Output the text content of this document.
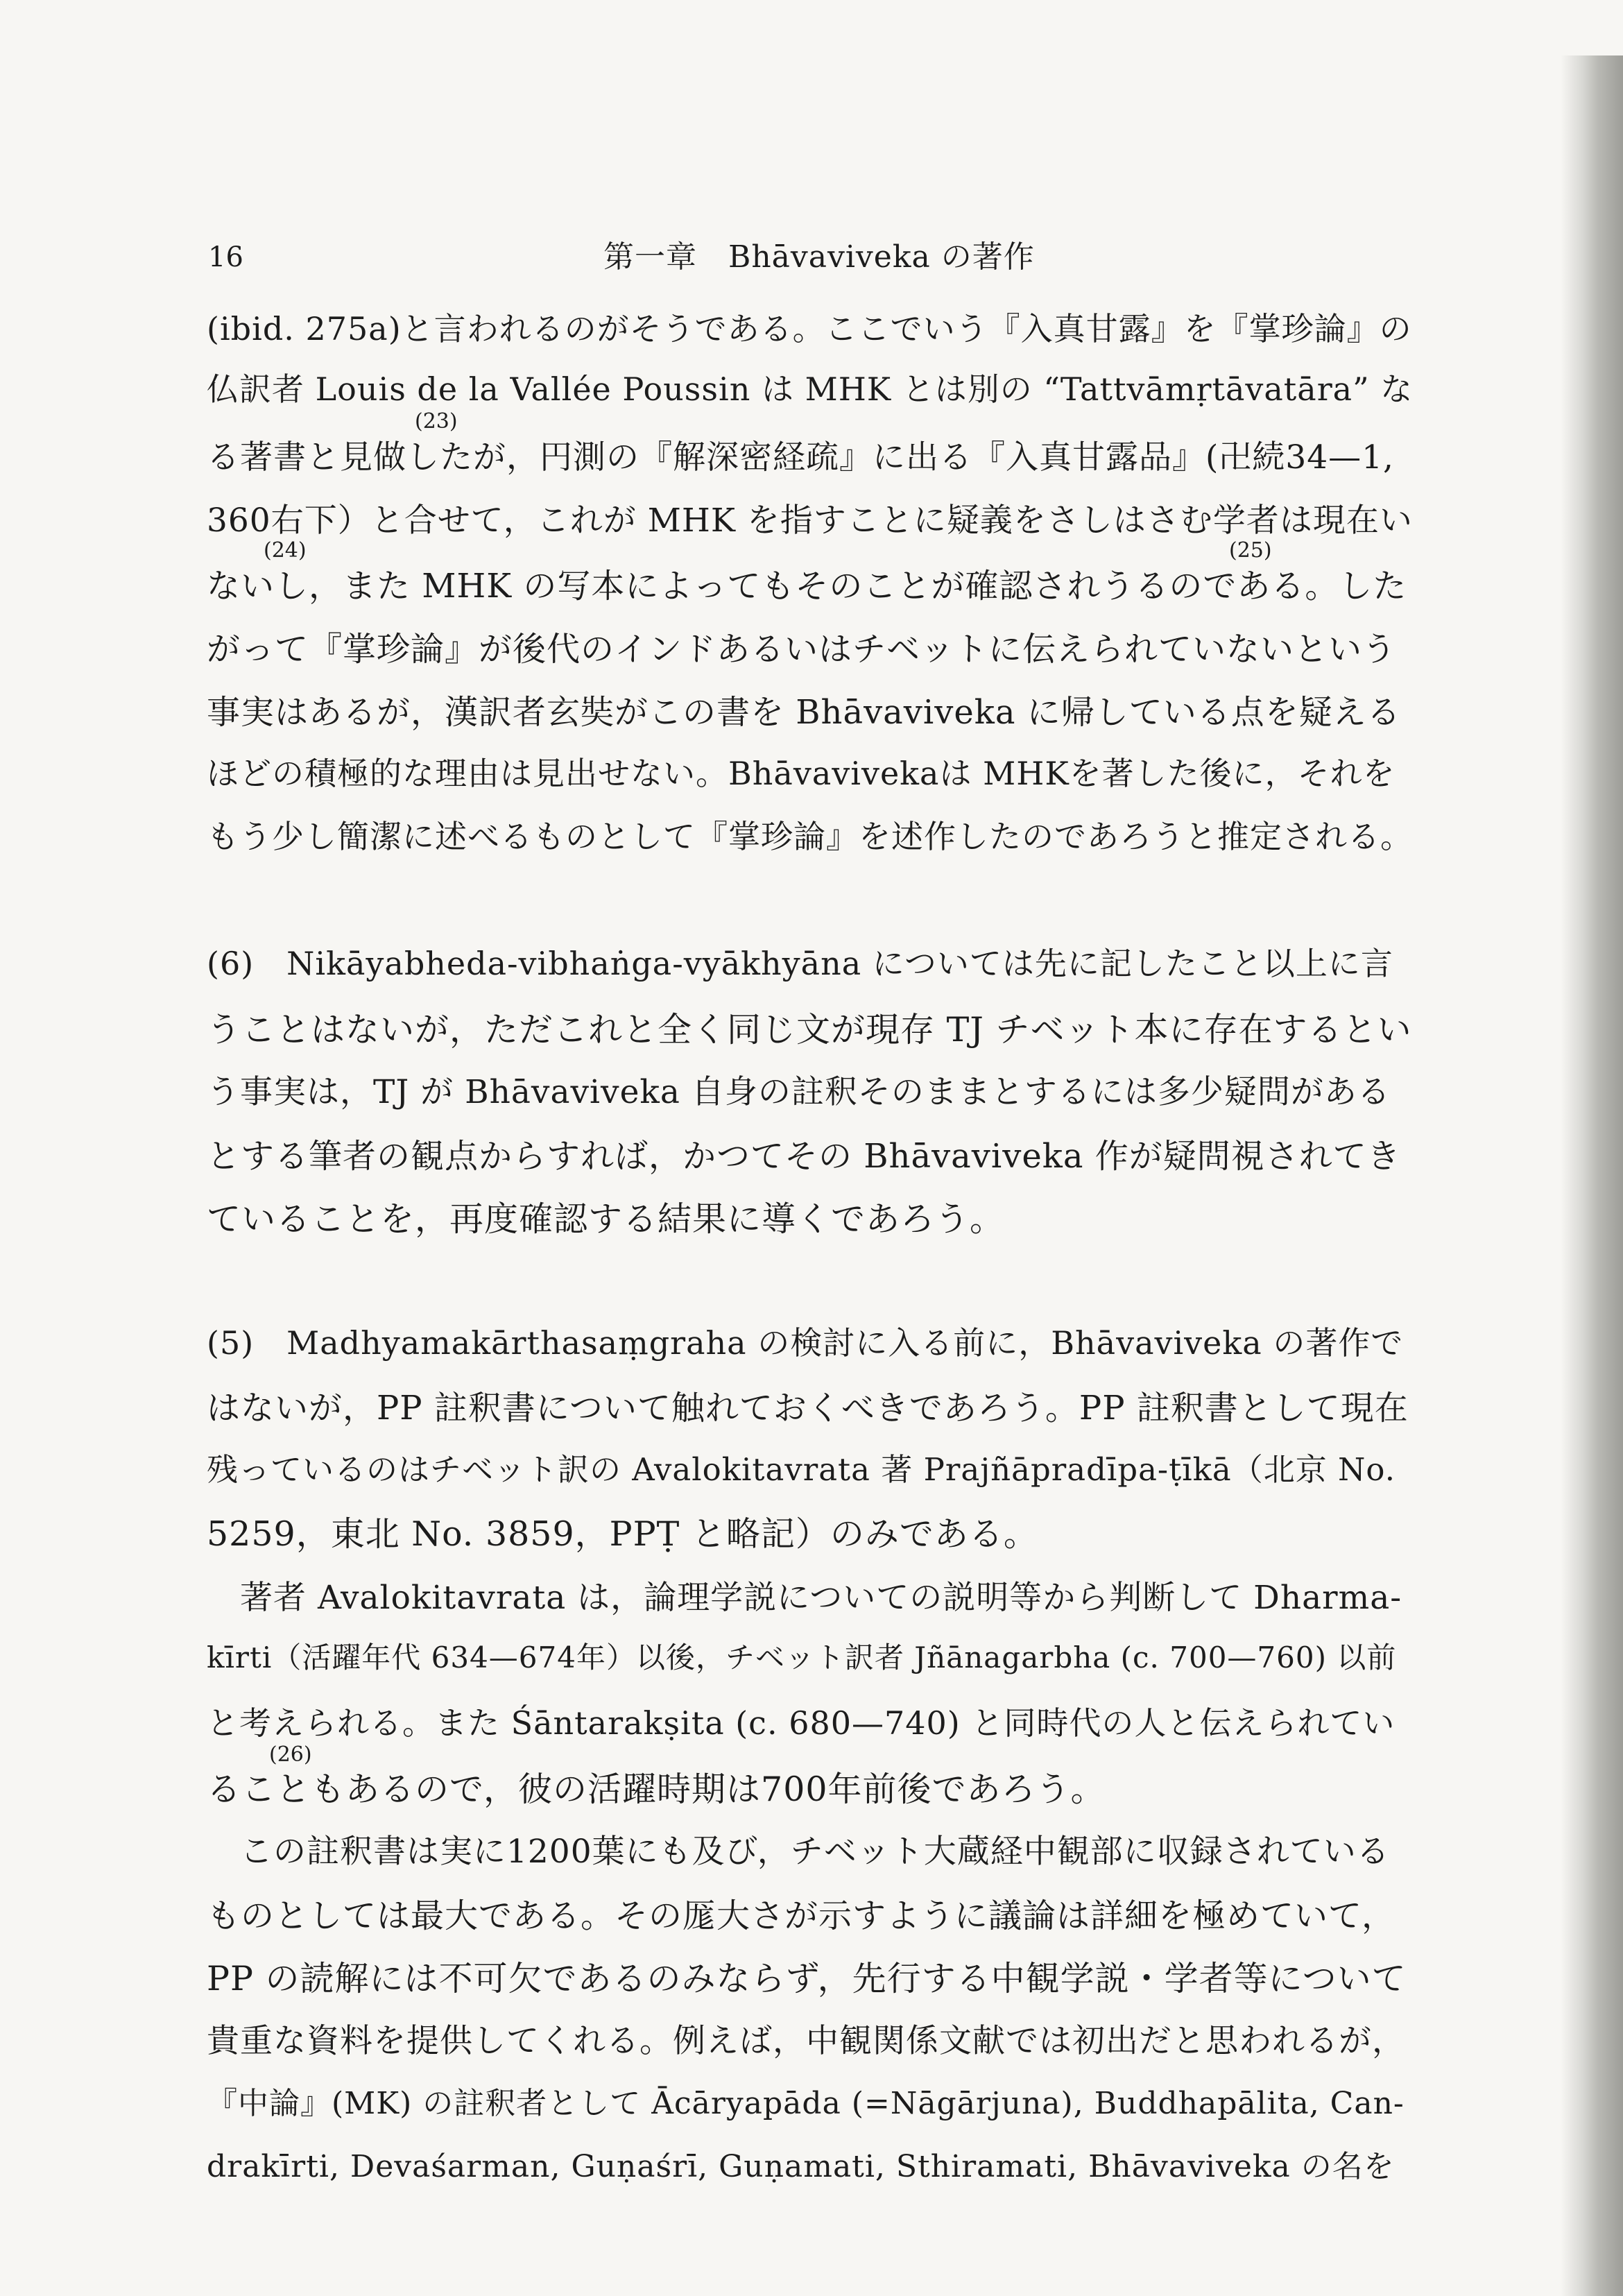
16	第一章　Bhāvaviveka の著作
(ibid. 275a)と言われるのがそうである。ここでいう『入真甘露』を『掌珍論』の
仏訳者 Louis de la Vallée Poussin は MHK とは別の “Tattvāmṛtāvatāra” な
(23)
る著書と見做したが，円測の『解深密経疏』に出る『入真甘露品』(卍続34—1,
360右下）と合せて，これが MHK を指すことに疑義をさしはさむ学者は現在い
(24)	(25)
ないし，また MHK の写本によってもそのことが確認されうるのである。した
がって『掌珍論』が後代のインドあるいはチベットに伝えられていないという
事実はあるが，漢訳者玄奘がこの書を Bhāvaviveka に帰している点を疑える
ほどの積極的な理由は見出せない。Bhāvavivekaは MHKを著した後に，それを
もう少し簡潔に述べるものとして『掌珍論』を述作したのであろうと推定される。
(6)　Nikāyabheda-vibhaṅga-vyākhyāna については先に記したこと以上に言
うことはないが，ただこれと全く同じ文が現存 TJ チベット本に存在するとい
う事実は，TJ が Bhāvaviveka 自身の註釈そのままとするには多少疑問がある
とする筆者の観点からすれば，かつてその Bhāvaviveka 作が疑問視されてき
ていることを，再度確認する結果に導くであろう。
(5)　Madhyamakārthasaṃgraha の検討に入る前に，Bhāvaviveka の著作で
はないが，PP 註釈書について触れておくべきであろう。PP 註釈書として現在
残っているのはチベット訳の Avalokitavrata 著 Prajñāpradīpa-ṭīkā（北京 No.
5259，東北 No. 3859，PPṬ と略記）のみである。
　著者 Avalokitavrata は，論理学説についての説明等から判断して Dharma-
kīrti（活躍年代 634—674年）以後，チベット訳者 Jñānagarbha (c. 700—760) 以前
と考えられる。また Śāntarakṣita (c. 680—740) と同時代の人と伝えられてい
(26)
ることもあるので，彼の活躍時期は700年前後であろう。
　この註釈書は実に1200葉にも及び，チベット大蔵経中観部に収録されている
ものとしては最大である。その厖大さが示すように議論は詳細を極めていて，
PP の読解には不可欠であるのみならず，先行する中観学説・学者等について
貴重な資料を提供してくれる。例えば，中観関係文献では初出だと思われるが，
『中論』(MK) の註釈者として Ācāryapāda (=Nāgārjuna), Buddhapālita, Can-
drakīrti, Devaśarman, Guṇaśrī, Guṇamati, Sthiramati, Bhāvaviveka の名を
